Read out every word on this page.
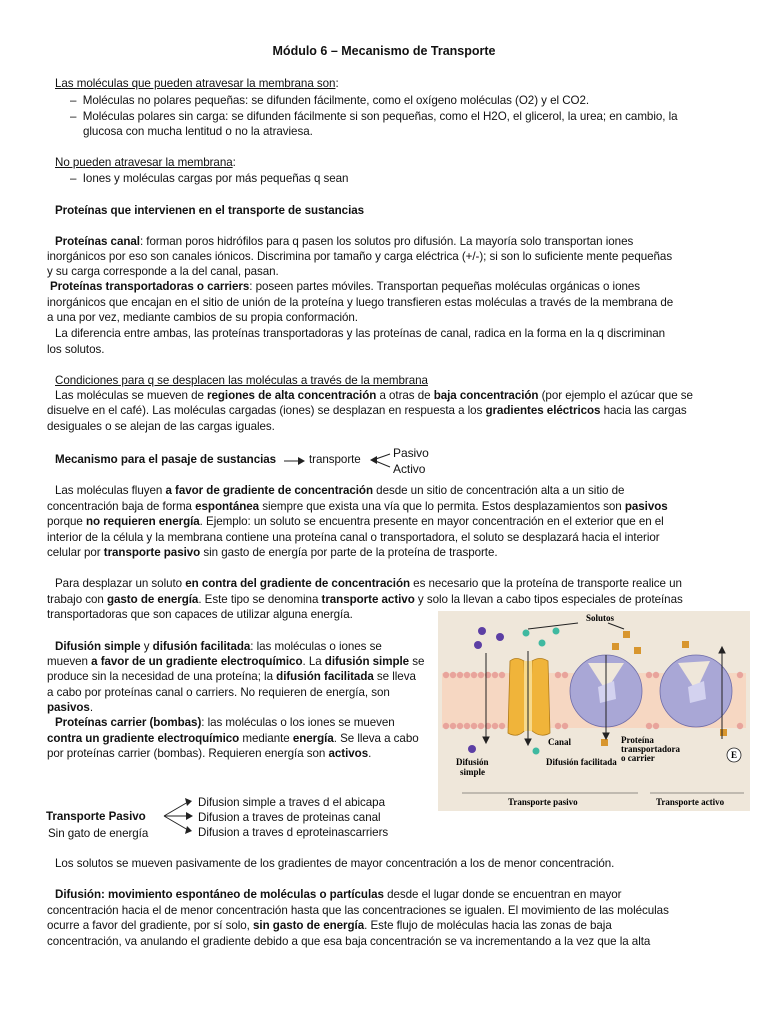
Módulo 6 – Mecanismo de Transporte
Las moléculas que pueden atravesar la membrana son:
–  Moléculas no polares pequeñas: se difunden fácilmente, como el oxígeno moléculas (O2) y el CO2.
–  Moléculas polares sin carga: se difunden fácilmente si son pequeñas, como el H2O, el glicerol, la urea; en cambio, la
glucosa con mucha lentitud o no la atraviesa.
No pueden atravesar la membrana:
–  Iones y moléculas cargas por más pequeñas q sean
Proteínas que intervienen en el transporte de sustancias
Proteínas canal: forman poros hidrófilos para q pasen los solutos pro difusión. La mayoría solo transportan iones
inorgánicos por eso son canales iónicos. Discrimina por tamaño y carga eléctrica (+/-); si son lo suficiente mente pequeñas
y su carga corresponde a la del canal, pasan.
Proteínas transportadoras o carriers: poseen partes móviles. Transportan pequeñas moléculas orgánicas o iones
inorgánicos que encajan en el sitio de unión de la proteína y luego transfieren estas moléculas a través de la membrana de
a una por vez, mediante cambios de su propia conformación.
La diferencia entre ambas, las proteínas transportadoras y las proteínas de canal, radica en la forma en la q discriminan
los solutos.
Condiciones para q se desplacen las moléculas a través de la membrana
Las moléculas se mueven de regiones de alta concentración a otras de baja concentración (por ejemplo el azúcar que se
disuelve en el café). Las moléculas cargadas (iones) se desplazan en respuesta a los gradientes eléctricos hacia las cargas
desiguales o se alejan de las cargas iguales.
Mecanismo para el pasaje de sustancias	transporte	Pasivo
Activo
Las moléculas fluyen a favor de gradiente de concentración desde un sitio de concentración alta a un sitio de
concentración baja de forma espontánea siempre que exista una vía que lo permita. Estos desplazamientos son pasivos
porque no requieren energía. Ejemplo: un soluto se encuentra presente en mayor concentración en el exterior que en el
interior de la célula y la membrana contiene una proteína canal o transportadora, el soluto se desplazará hacia el interior
celular por transporte pasivo sin gasto de energía por parte de la proteína de trasporte.
Para desplazar un soluto en contra del gradiente de concentración es necesario que la proteína de transporte realice un
trabajo con gasto de energía. Este tipo se denomina transporte activo y solo la llevan a cabo tipos especiales de proteínas
transportadoras que son capaces de utilizar alguna energía.
Difusión simple y difusión facilitada: las moléculas o iones se
mueven a favor de un gradiente electroquímico. La difusión simple se
produce sin la necesidad de una proteína; la difusión facilitada se lleva
a cabo por proteínas canal o carriers. No requieren de energía, son
pasivos.
Proteínas carrier (bombas): las moléculas o los iones se mueven
contra un gradiente electroquímico mediante energía. Se lleva a cabo
por proteínas carrier (bombas). Requieren energía son activos.
Solutos
Canal	Proteína
transportadora
o carrier	E
Difusión
simple
Difusión facilitada
Transporte pasivo	Transporte activo
Transporte Pasivo
Sin gato de energía
Difusion simple a traves d el abicapa
Difusion a traves de proteinas canal
Difusion a traves d eproteinascarriers
Los solutos se mueven pasivamente de los gradientes de mayor concentración a los de menor concentración.
Difusión: movimiento espontáneo de moléculas o partículas desde el lugar donde se encuentran en mayor
concentración hacia el de menor concentración hasta que las concentraciones se igualen. El movimiento de las moléculas
ocurre a favor del gradiente, por sí solo, sin gasto de energía. Este flujo de moléculas hacia las zonas de baja
concentración, va anulando el gradiente debido a que esa baja concentración se va incrementando a la vez que la alta
